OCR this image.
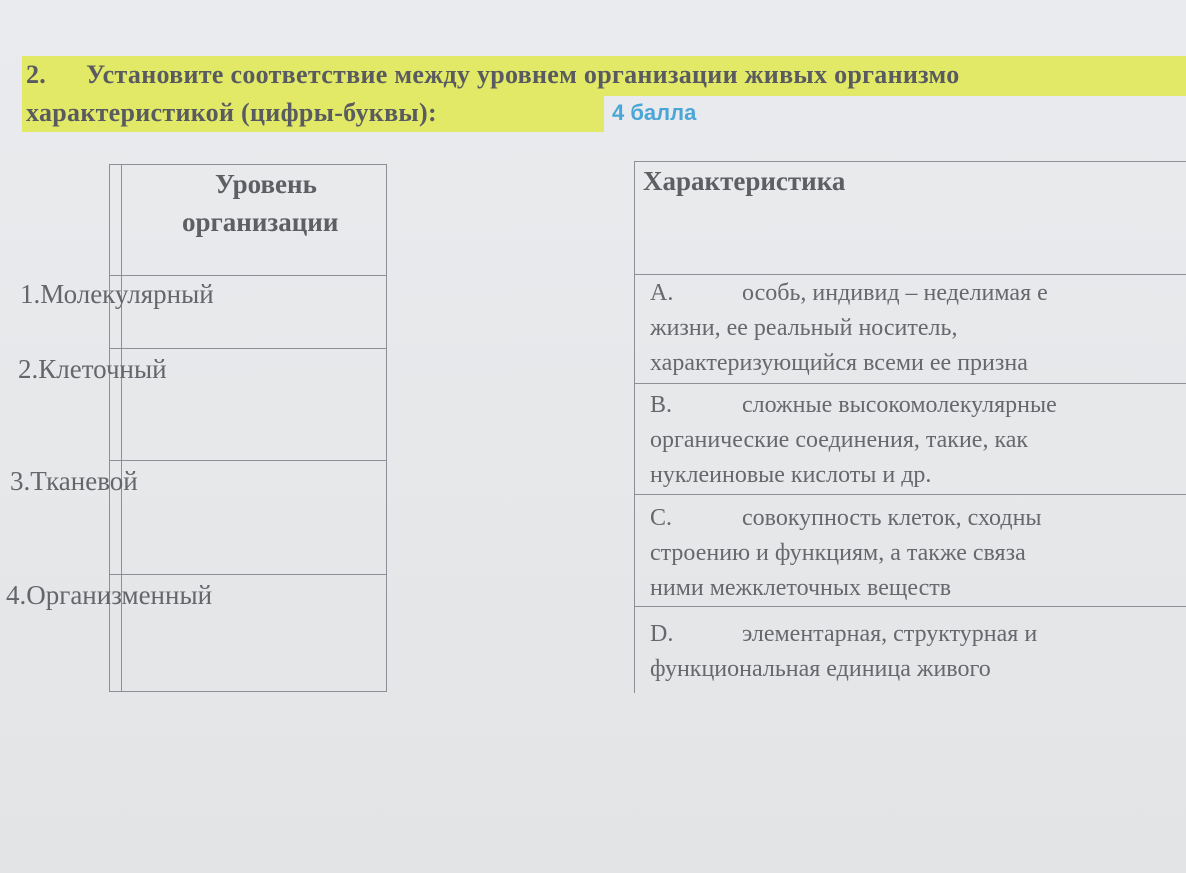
2. Установите соответствие между уровнем организации живых организмо
характеристикой (цифры-буквы):	4 балла
Уровень
организации
1.Молекулярный
2.Клеточный
3.Тканевой
4.Организменный
Характеристика
A.	особь, индивид – неделимая е
жизни, ее реальный носитель,
характеризующийся всеми ее призна
B.	сложные высокомолекулярные
органические соединения, такие, как
нуклеиновые кислоты и др.
C.	совокупность клеток, сходны
строению и функциям, а также связа
ними межклеточных веществ
D.	элементарная, структурная и
функциональная единица живого
